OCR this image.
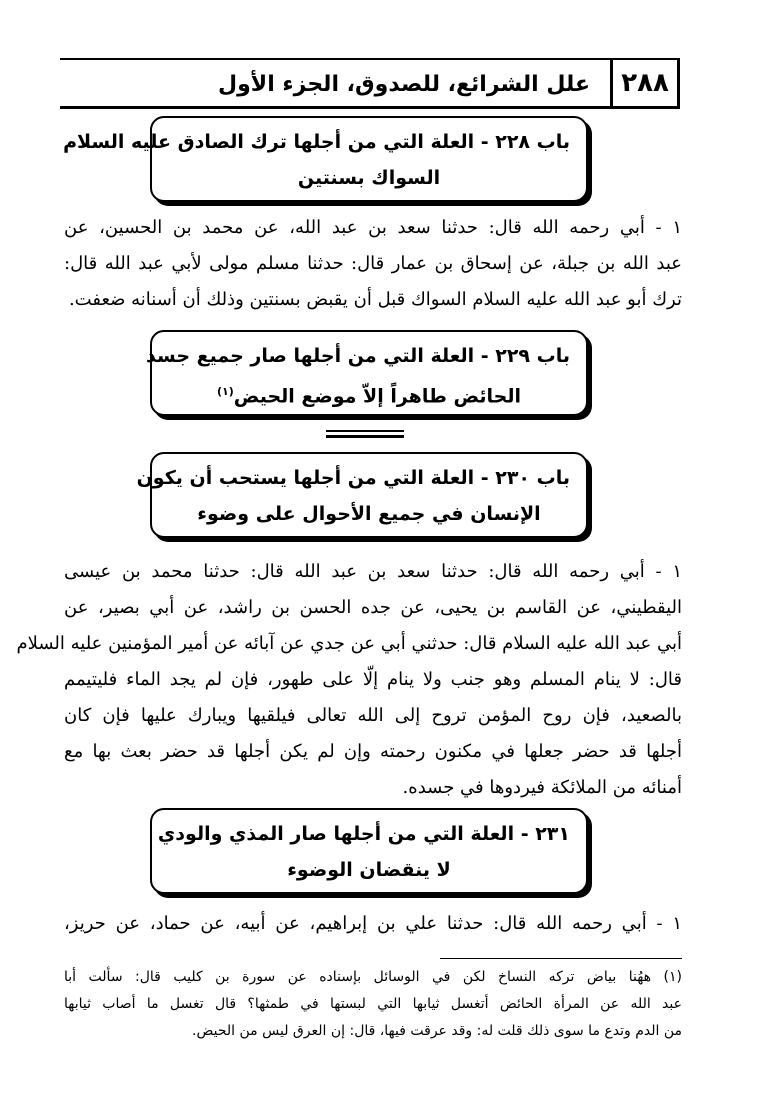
٢٨٨
علل الشرائع، للصدوق، الجزء الأول
باب ٢٢٨ - العلة التي من أجلها ترك الصادق عليه السلام
السواك بسنتين
١ - أبي رحمه الله قال: حدثنا سعد بن عبد الله، عن محمد بن الحسين، عن
عبد الله بن جبلة، عن إسحاق بن عمار قال: حدثنا مسلم مولى لأبي عبد الله قال:
ترك أبو عبد الله عليه السلام السواك قبل أن يقبض بسنتين وذلك أن أسنانه ضعفت.
باب ٢٢٩ - العلة التي من أجلها صار جميع جسد
الحائض طاهراً إلاّ موضع الحيض$^{(١)}$
باب ٢٣٠ - العلة التي من أجلها يستحب أن يكون
الإنسان في جميع الأحوال على وضوء
١ - أبي رحمه الله قال: حدثنا سعد بن عبد الله قال: حدثنا محمد بن عيسى
اليقطيني، عن القاسم بن يحيى، عن جده الحسن بن راشد، عن أبي بصير، عن
أبي عبد الله عليه السلام قال: حدثني أبي عن جدي عن آبائه عن أمير المؤمنين عليه السلام
قال: لا ينام المسلم وهو جنب ولا ينام إلّا على طهور، فإن لم يجد الماء فليتيمم
بالصعيد، فإن روح المؤمن تروح إلى الله تعالى فيلقيها ويبارك عليها فإن كان
أجلها قد حضر جعلها في مكنون رحمته وإن لم يكن أجلها قد حضر بعث بها مع
أمنائه من الملائكة فيردوها في جسده.
٢٣١ - العلة التي من أجلها صار المذي والودي
لا ينقضان الوضوء
١ - أبي رحمه الله قال: حدثنا علي بن إبراهيم، عن أبيه، عن حماد، عن حريز،
(١) ههُنا بياض تركه النساخ لكن في الوسائل بإسناده عن سورة بن كليب قال: سألت أبا
عبد الله عن المرأة الحائض أتغسل ثيابها التي لبستها في طمثها؟ قال تغسل ما أصاب ثيابها
من الدم وتدع ما سوى ذلك قلت له: وقد عرقت فيها، قال: إن العرق ليس من الحيض.
